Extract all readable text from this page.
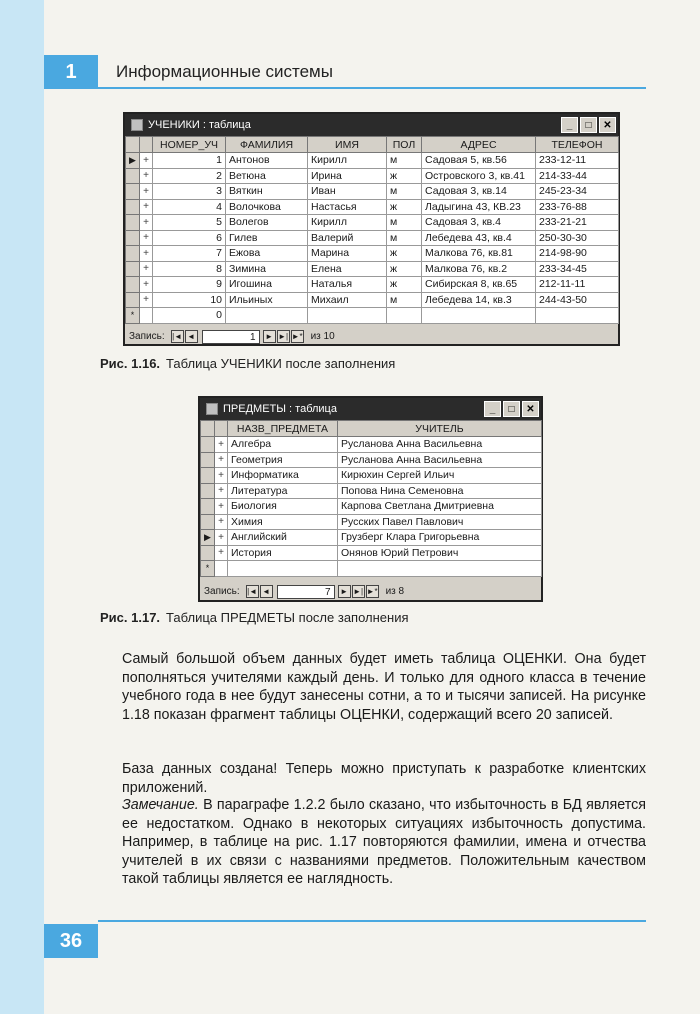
1	Информационные системы
УЧЕНИКИ : таблица	_	□	✕
		НОМЕР_УЧ	ФАМИЛИЯ	ИМЯ	ПОЛ	АДРЕС	ТЕЛЕФОН
▶	+	1	Антонов	Кирилл	м	Садовая 5, кв.56	233-12-11
	+	2	Ветюна	Ирина	ж	Островского 3, кв.41	214-33-44
	+	3	Вяткин	Иван	м	Садовая 3, кв.14	245-23-34
	+	4	Волочкова	Настасья	ж	Ладыгина 43, КВ.23	233-76-88
	+	5	Волегов	Кирилл	м	Садовая 3, кв.4	233-21-21
	+	6	Гилев	Валерий	м	Лебедева 43, кв.4	250-30-30
	+	7	Ежова	Марина	ж	Малкова 76, кв.81	214-98-90
	+	8	Зимина	Елена	ж	Малкова 76, кв.2	233-34-45
	+	9	Игошина	Наталья	ж	Сибирская 8, кв.65	212-11-11
	+	10	Ильиных	Михаил	м	Лебедева 14, кв.3	244-43-50
*		0					
Запись: |◄ ◄	1	► ►| ►* из 10
Рис. 1.16. Таблица УЧЕНИКИ после заполнения
ПРЕДМЕТЫ : таблица	_	□	✕
		НАЗВ_ПРЕДМЕТА	УЧИТЕЛЬ
	+	Алгебра	Русланова Анна Васильевна
	+	Геометрия	Русланова Анна Васильевна
	+	Информатика	Кирюхин Сергей Ильич
	+	Литература	Попова Нина Семеновна
	+	Биология	Карпова Светлана Дмитриевна
	+	Химия	Русских Павел Павлович
▶	+	Английский	Грузберг Клара Григорьевна
	+	История	Онянов Юрий Петрович
*			
Запись: |◄ ◄	7	► ►| ►* из 8
Рис. 1.17. Таблица ПРЕДМЕТЫ после заполнения

Самый большой объем данных будет иметь таблица ОЦЕНКИ. Она будет пополняться учителями каждый день. И только для одного класса в течение учебного года в нее будут занесены сотни, а то и тысячи записей. На рисунке 1.18 показан фрагмент таблицы ОЦЕНКИ, содержащий всего 20 записей.

База данных создана! Теперь можно приступать к разработке клиентских приложений.

Замечание. В параграфе 1.2.2 было сказано, что избыточность в БД является ее недостатком. Однако в некоторых ситуациях избыточность допустима. Например, в таблице на рис. 1.17 повторяются фамилии, имена и отчества учителей в их связи с названиями предметов. Положительным качеством такой таблицы является ее наглядность.

36
